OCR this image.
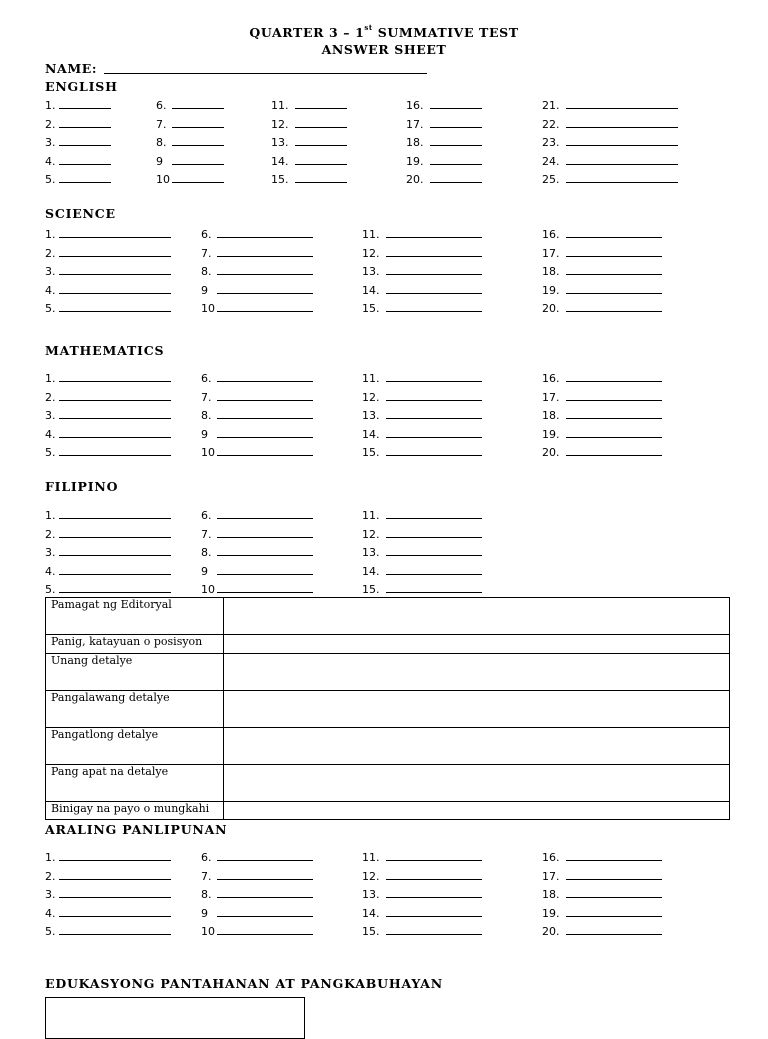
QUARTER 3 – 1st SUMMATIVE TEST
ANSWER SHEET
NAME:
ENGLISH
1.
2.
3.
4.
5.
6.
7.
8.
9
10
11.
12.
13.
14.
15.
16.
17.
18.
19.
20.
21.
22.
23.
24.
25.
SCIENCE
1.
2.
3.
4.
5.
6.
7.
8.
9
10
11.
12.
13.
14.
15.
16.
17.
18.
19.
20.
MATHEMATICS
1.
2.
3.
4.
5.
6.
7.
8.
9
10
11.
12.
13.
14.
15.
16.
17.
18.
19.
20.
FILIPINO
1.
2.
3.
4.
5.
6.
7.
8.
9
10
11.
12.
13.
14.
15.
Pamagat ng Editoryal	
Panig, katayuan o posisyon	
Unang detalye	
Pangalawang detalye	
Pangatlong detalye	
Pang apat na detalye	
Binigay na payo o mungkahi	
ARALING PANLIPUNAN
1.
2.
3.
4.
5.
6.
7.
8.
9
10
11.
12.
13.
14.
15.
16.
17.
18.
19.
20.
EDUKASYONG PANTAHANAN AT PANGKABUHAYAN
